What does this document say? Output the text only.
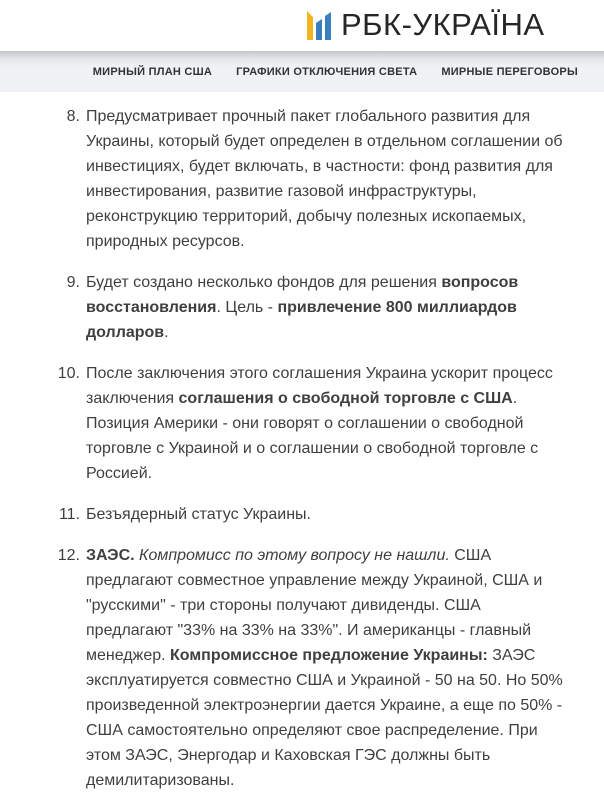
РБК-УКРАЇНА
МИРНЫЙ ПЛАН США ГРАФИКИ ОТКЛЮЧЕНИЯ СВЕТА МИРНЫЕ ПЕРЕГОВОРЫ
8. Предусматривает прочный пакет глобального развития для Украины, который будет определен в отдельном соглашении об инвестициях, будет включать, в частности: фонд развития для инвестирования, развитие газовой инфраструктуры, реконструкцию территорий, добычу полезных ископаемых, природных ресурсов.

9. Будет создано несколько фондов для решения вопросов восстановления. Цель - привлечение 800 миллиардов долларов.

10. После заключения этого соглашения Украина ускорит процесс заключения соглашения о свободной торговле с США. Позиция Америки - они говорят о соглашении о свободной торговле с Украиной и о соглашении о свободной торговле с Россией.

11. Безъядерный статус Украины.

12. ЗАЭС. Компромисс по этому вопросу не нашли. США предлагают совместное управление между Украиной, США и "русскими" - три стороны получают дивиденды. США предлагают "33% на 33% на 33%". И американцы - главный менеджер. Компромиссное предложение Украины: ЗАЭС эксплуатируется совместно США и Украиной - 50 на 50. Но 50% произведенной электроэнергии дается Украине, а еще по 50% - США самостоятельно определяют свое распределение. При этом ЗАЭС, Энергодар и Каховская ГЭС должны быть демилитаризованы.
